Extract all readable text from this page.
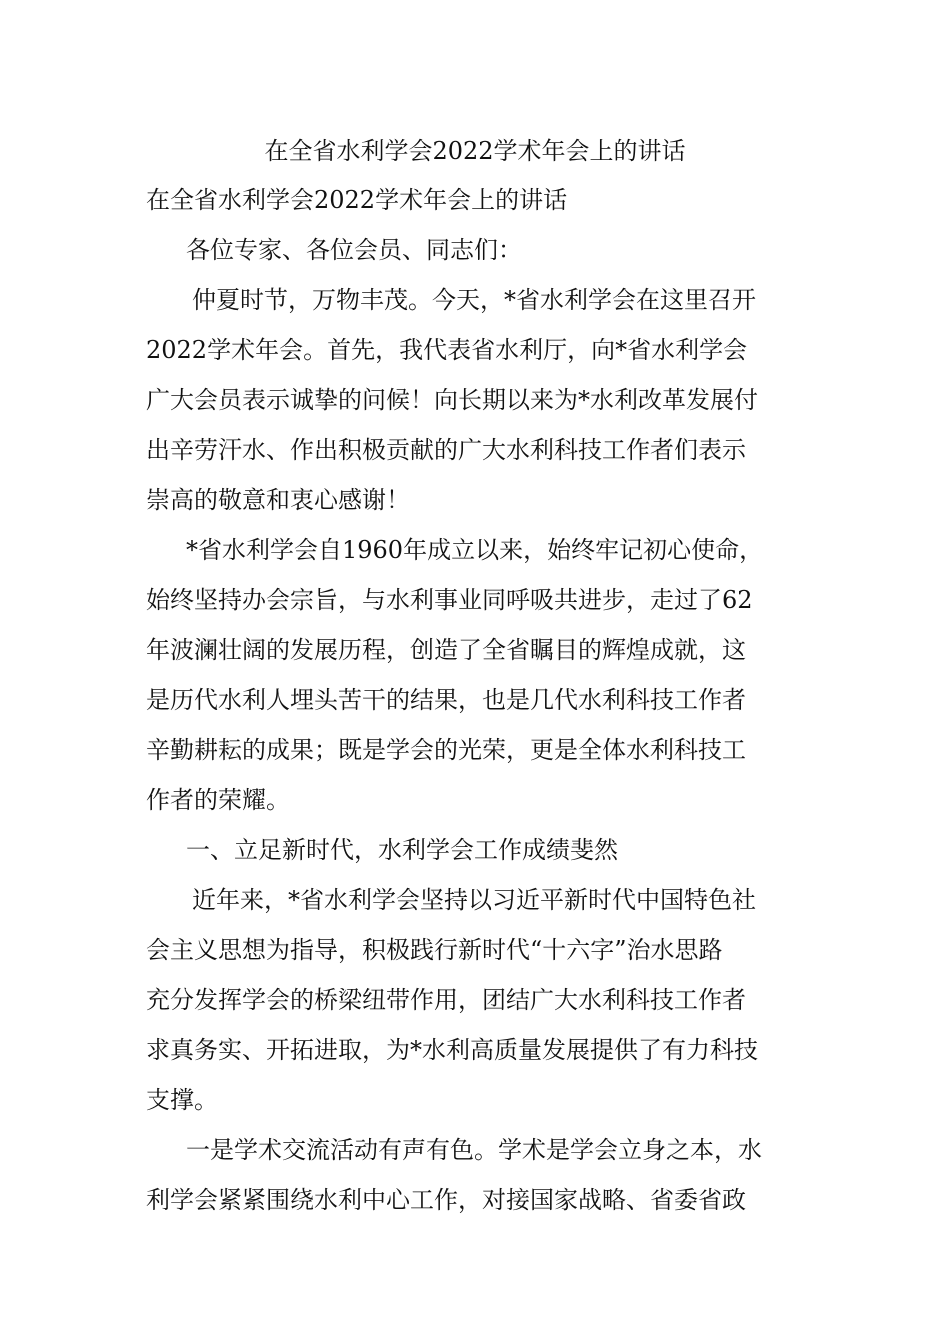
在全省水利学会2022学术年会上的讲话
在全省水利学会2022学术年会上的讲话
各位专家、各位会员、同志们：
仲夏时节，万物丰茂。今天，*省水利学会在这里召开
2022学术年会。首先，我代表省水利厅，向*省水利学会
广大会员表示诚挚的问候！向长期以来为*水利改革发展付
出辛劳汗水、作出积极贡献的广大水利科技工作者们表示
崇高的敬意和衷心感谢！
*省水利学会自1960年成立以来，始终牢记初心使命，
始终坚持办会宗旨，与水利事业同呼吸共进步，走过了62
年波澜壮阔的发展历程，创造了全省瞩目的辉煌成就，这
是历代水利人埋头苦干的结果，也是几代水利科技工作者
辛勤耕耘的成果；既是学会的光荣，更是全体水利科技工
作者的荣耀。
一、立足新时代，水利学会工作成绩斐然
近年来，*省水利学会坚持以习近平新时代中国特色社
会主义思想为指导，积极践行新时代“十六字”治水思路
充分发挥学会的桥梁纽带作用，团结广大水利科技工作者
求真务实、开拓进取，为*水利高质量发展提供了有力科技
支撑。
一是学术交流活动有声有色。学术是学会立身之本，水
利学会紧紧围绕水利中心工作，对接国家战略、省委省政
